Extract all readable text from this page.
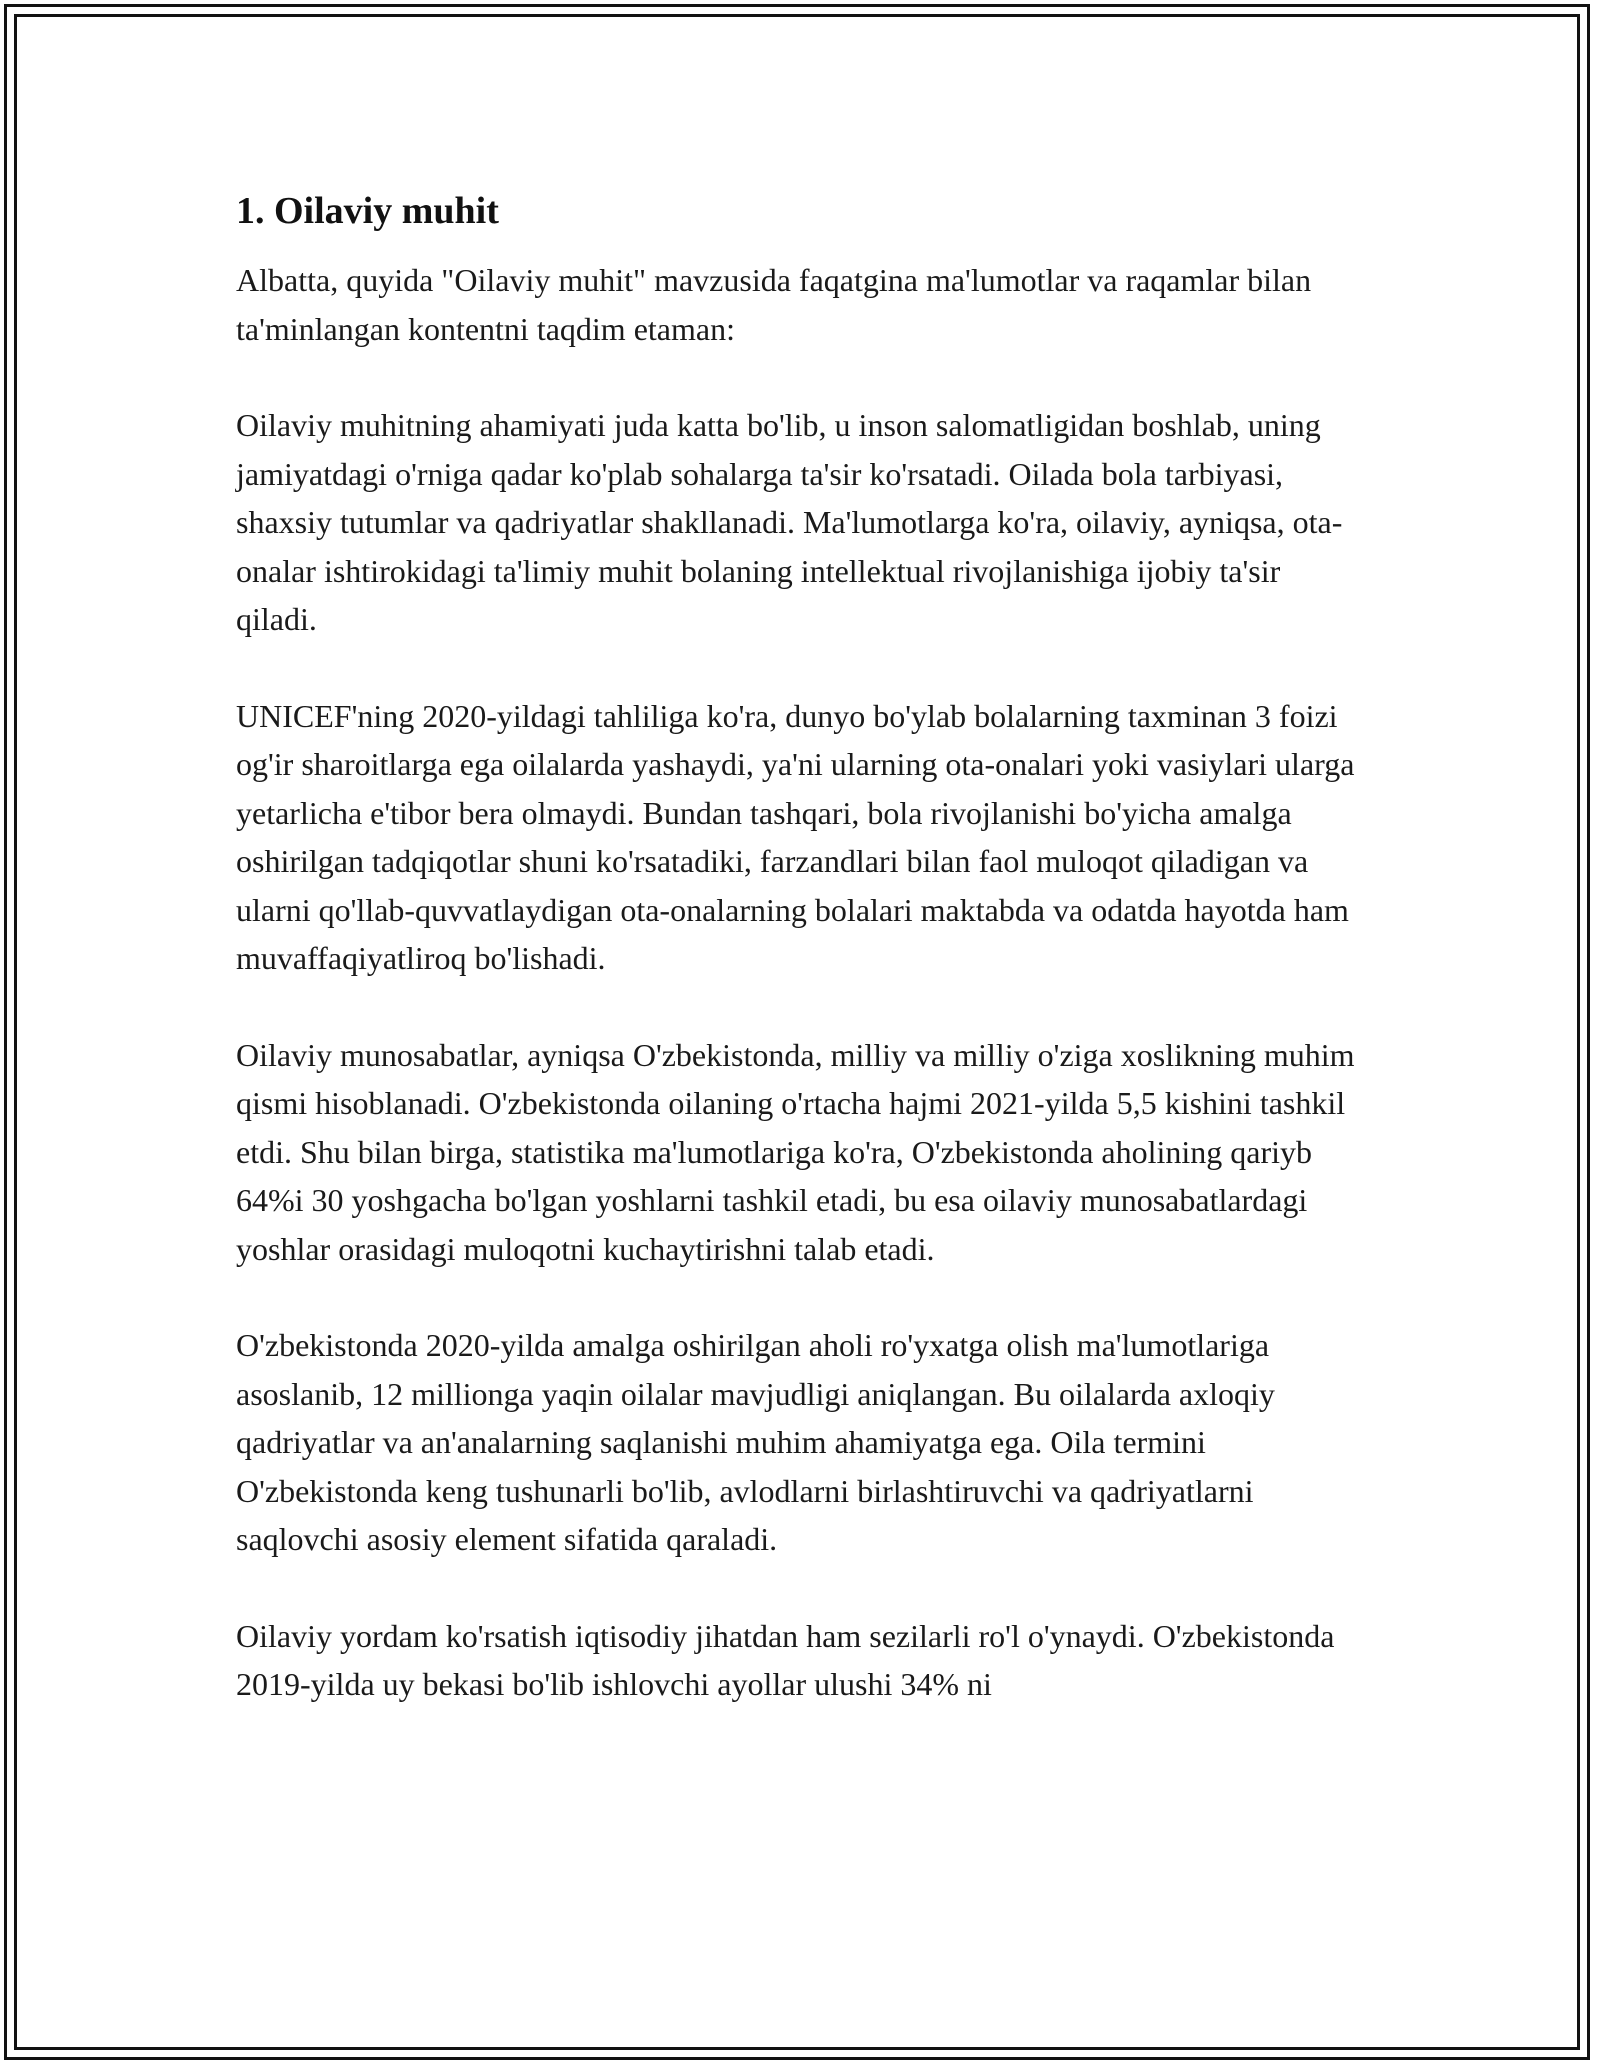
1. Oilaviy muhit

Albatta, quyida "Oilaviy muhit" mavzusida faqatgina ma'lumotlar va raqamlar bilan ta'minlangan kontentni taqdim etaman:

Oilaviy muhitning ahamiyati juda katta bo'lib, u inson salomatligidan boshlab, uning jamiyatdagi o'rniga qadar ko'plab sohalarga ta'sir ko'rsatadi. Oilada bola tarbiyasi, shaxsiy tutumlar va qadriyatlar shakllanadi. Ma'lumotlarga ko'ra, oilaviy, ayniqsa, ota-onalar ishtirokidagi ta'limiy muhit bolaning intellektual rivojlanishiga ijobiy ta'sir qiladi.

UNICEF'ning 2020-yildagi tahliliga ko'ra, dunyo bo'ylab bolalarning taxminan 3 foizi og'ir sharoitlarga ega oilalarda yashaydi, ya'ni ularning ota-onalari yoki vasiylari ularga yetarlicha e'tibor bera olmaydi. Bundan tashqari, bola rivojlanishi bo'yicha amalga oshirilgan tadqiqotlar shuni ko'rsatadiki, farzandlari bilan faol muloqot qiladigan va ularni qo'llab-quvvatlaydigan ota-onalarning bolalari maktabda va odatda hayotda ham muvaffaqiyatliroq bo'lishadi.

Oilaviy munosabatlar, ayniqsa O'zbekistonda, milliy va milliy o'ziga xoslikning muhim qismi hisoblanadi. O'zbekistonda oilaning o'rtacha hajmi 2021-yilda 5,5 kishini tashkil etdi. Shu bilan birga, statistika ma'lumotlariga ko'ra, O'zbekistonda aholining qariyb 64%i 30 yoshgacha bo'lgan yoshlarni tashkil etadi, bu esa oilaviy munosabatlardagi yoshlar orasidagi muloqotni kuchaytirishni talab etadi.

O'zbekistonda 2020-yilda amalga oshirilgan aholi ro'yxatga olish ma'lumotlariga asoslanib, 12 millionga yaqin oilalar mavjudligi aniqlangan. Bu oilalarda axloqiy qadriyatlar va an'analarning saqlanishi muhim ahamiyatga ega. Oila termini O'zbekistonda keng tushunarli bo'lib, avlodlarni birlashtiruvchi va qadriyatlarni saqlovchi asosiy element sifatida qaraladi.

Oilaviy yordam ko'rsatish iqtisodiy jihatdan ham sezilarli ro'l o'ynaydi. O'zbekistonda 2019-yilda uy bekasi bo'lib ishlovchi ayollar ulushi 34% ni
